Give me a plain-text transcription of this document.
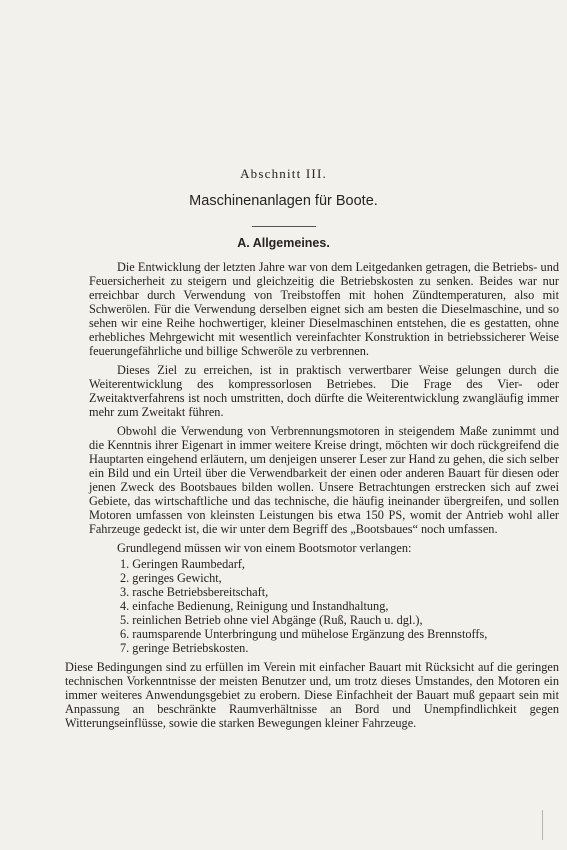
Abschnitt III.
Maschinenanlagen für Boote.
A. Allgemeines.

Die Entwicklung der letzten Jahre war von dem Leitgedanken getragen, die Betriebs- und Feuersicherheit zu steigern und gleichzeitig die Betriebskosten zu senken. Beides war nur erreichbar durch Verwendung von Treibstoffen mit hohen Zündtemperaturen, also mit Schwerölen. Für die Verwendung derselben eignet sich am besten die Dieselmaschine, und so sehen wir eine Reihe hochwertiger, kleiner Dieselmaschinen entstehen, die es gestatten, ohne erhebliches Mehrgewicht mit wesentlich vereinfachter Konstruktion in betriebssicherer Weise feuerungefährliche und billige Schweröle zu verbrennen.

Dieses Ziel zu erreichen, ist in praktisch verwertbarer Weise gelungen durch die Weiterentwicklung des kompressorlosen Betriebes. Die Frage des Vier- oder Zweitaktverfahrens ist noch umstritten, doch dürfte die Weiterentwicklung zwangläufig immer mehr zum Zweitakt führen.

Obwohl die Verwendung von Verbrennungsmotoren in steigendem Maße zunimmt und die Kenntnis ihrer Eigenart in immer weitere Kreise dringt, möchten wir doch rückgreifend die Hauptarten eingehend erläutern, um denjeigen unserer Leser zur Hand zu gehen, die sich selber ein Bild und ein Urteil über die Verwendbarkeit der einen oder anderen Bauart für diesen oder jenen Zweck des Bootsbaues bilden wollen. Unsere Betrachtungen erstrecken sich auf zwei Gebiete, das wirtschaftliche und das technische, die häufig ineinander übergreifen, und sollen Motoren umfassen von kleinsten Leistungen bis etwa 150 PS, womit der Antrieb wohl aller Fahrzeuge gedeckt ist, die wir unter dem Begriff des „Bootsbaues“ noch umfassen.

Grundlegend müssen wir von einem Bootsmotor verlangen:

1. Geringen Raumbedarf,
2. geringes Gewicht,
3. rasche Betriebsbereitschaft,
4. einfache Bedienung, Reinigung und Instandhaltung,
5. reinlichen Betrieb ohne viel Abgänge (Ruß, Rauch u. dgl.),
6. raumsparende Unterbringung und mühelose Ergänzung des Brennstoffs,
7. geringe Betriebskosten.

Diese Bedingungen sind zu erfüllen im Verein mit einfacher Bauart mit Rücksicht auf die geringen technischen Vorkenntnisse der meisten Benutzer und, um trotz dieses Umstandes, den Motoren ein immer weiteres Anwendungsgebiet zu erobern. Diese Einfachheit der Bauart muß gepaart sein mit Anpassung an beschränkte Raumverhältnisse an Bord und Unempfindlichkeit gegen Witterungseinflüsse, sowie die starken Bewegungen kleiner Fahrzeuge.
